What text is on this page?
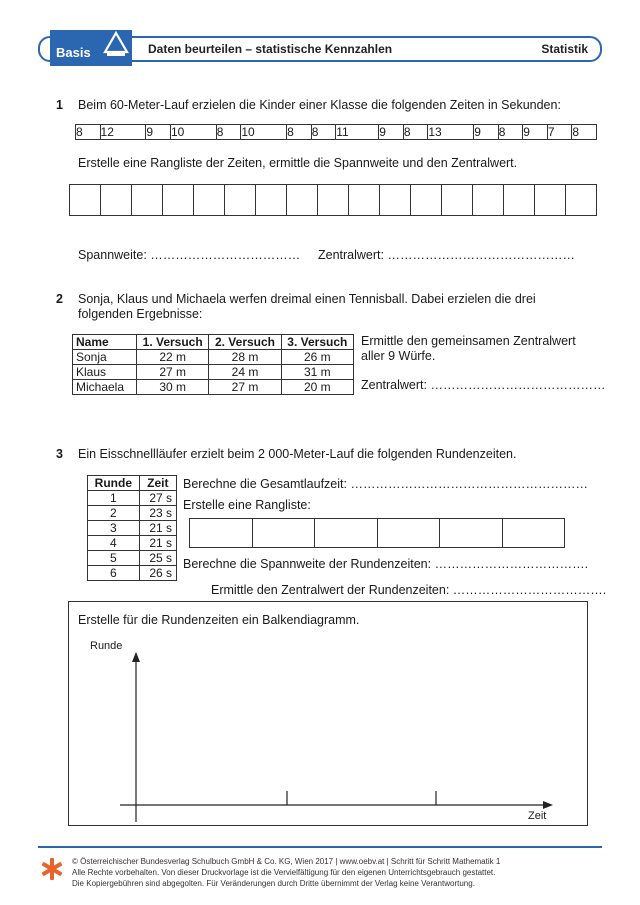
Basis	Daten beurteilen – statistische Kennzahlen	Statistik
1 Beim 60-Meter-Lauf erzielen die Kinder einer Klasse die folgenden Zeiten in Sekunden:
8	12	9	10	8	10	8	8	11	9	8	13	9	8	9	7	8
Erstelle eine Rangliste der Zeiten, ermittle die Spannweite und den Zentralwert.

Spannweite: ……………………………… Zentralwert: ………………………………………
2 Sonja, Klaus und Michaela werfen dreimal einen Tennisball. Dabei erzielen die drei
folgenden Ergebnisse:
Name	1. Versuch	2. Versuch	3. Versuch
Sonja	22 m	28 m	26 m
Klaus	27 m	24 m	31 m
Michaela	30 m	27 m	20 m
Ermittle den gemeinsamen Zentralwert
aller 9 Würfe.
Zentralwert: ……………………………………
3 Ein Eisschnellläufer erzielt beim 2 000-Meter-Lauf die folgenden Rundenzeiten.
Runde	Zeit
1	27 s
2	23 s
3	21 s
4	21 s
5	25 s
6	26 s
Berechne die Gesamtlaufzeit: …………………………………………………
Erstelle eine Rangliste:

Berechne die Spannweite der Rundenzeiten: ……………………………….
Ermittle den Zentralwert der Rundenzeiten: ……………………………….
Erstelle für die Rundenzeiten ein Balkendiagramm.
Runde
Zeit
© Österreichischer Bundesverlag Schulbuch GmbH & Co. KG, Wien 2017 | www.oebv.at | Schritt für Schritt Mathematik 1
Alle Rechte vorbehalten. Von dieser Druckvorlage ist die Vervielfältigung für den eigenen Unterrichtsgebrauch gestattet.
Die Kopiergebühren sind abgegolten. Für Veränderungen durch Dritte übernimmt der Verlag keine Verantwortung.
